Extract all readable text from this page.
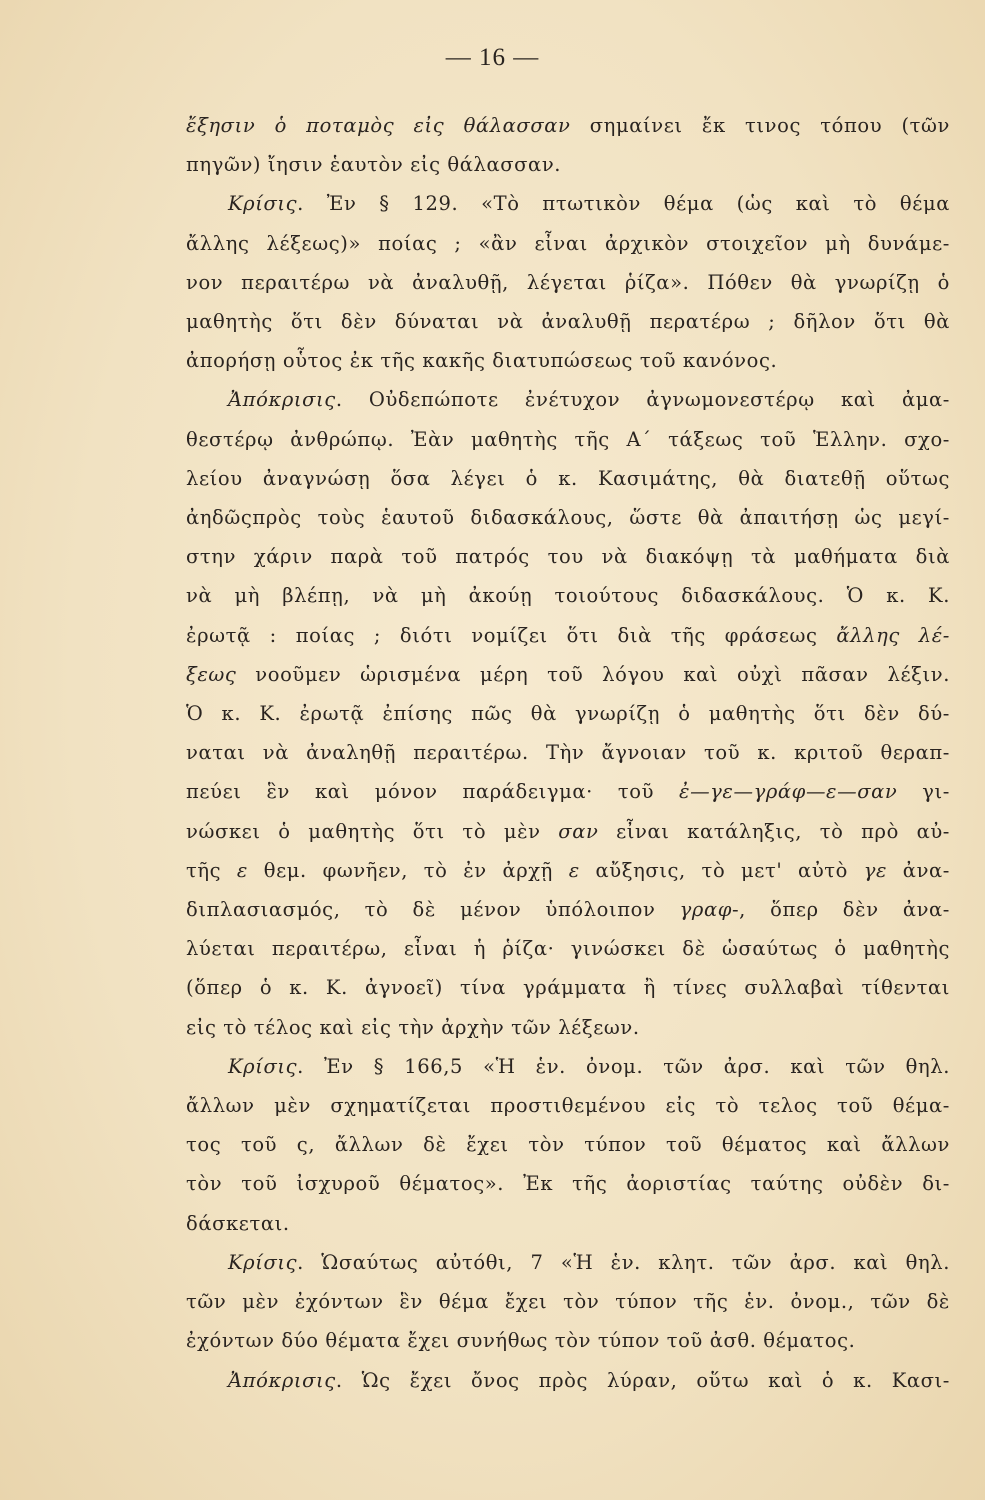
— 16 —
ἔξησιν ὁ ποταμὸς εἰς θάλασσαν σημαίνει ἔκ τινος τόπου (τῶν
πηγῶν) ἴησιν ἑαυτὸν εἰς θάλασσαν.
Κρίσις. Ἐν § 129. «Τὸ πτωτικὸν θέμα (ὡς καὶ τὸ θέμα
ἄλλης λέξεως)» ποίας ; «ἂν εἶναι ἀρχικὸν στοιχεῖον μὴ δυνάμε-
νον περαιτέρω νὰ ἀναλυθῇ, λέγεται ῥίζα». Πόθεν θὰ γνωρίζῃ ὁ
μαθητὴς ὅτι δὲν δύναται νὰ ἀναλυθῇ περατέρω ; δῆλον ὅτι θὰ
ἀπορήσῃ οὗτος ἐκ τῆς κακῆς διατυπώσεως τοῦ κανόνος.
Ἀπόκρισις. Οὐδεπώποτε ἐνέτυχον ἀγνωμονεστέρῳ καὶ ἀμα-
θεστέρῳ ἀνθρώπῳ. Ἐὰν μαθητὴς τῆς Α΄ τάξεως τοῦ Ἑλλην. σχο-
λείου ἀναγνώσῃ ὅσα λέγει ὁ κ. Κασιμάτης, θὰ διατεθῇ οὕτως
ἀηδῶςπρὸς τοὺς ἑαυτοῦ διδασκάλους, ὥστε θὰ ἀπαιτήσῃ ὡς μεγί-
στην χάριν παρὰ τοῦ πατρός του νὰ διακόψῃ τὰ μαθήματα διὰ
νὰ μὴ βλέπῃ, νὰ μὴ ἀκούῃ τοιούτους διδασκάλους. Ὁ κ. Κ.
ἐρωτᾷ : ποίας ; διότι νομίζει ὅτι διὰ τῆς φράσεως ἄλλης λέ-
ξεως νοοῦμεν ὡρισμένα μέρη τοῦ λόγου καὶ οὐχὶ πᾶσαν λέξιν.
Ὁ κ. Κ. ἐρωτᾷ ἐπίσης πῶς θὰ γνωρίζῃ ὁ μαθητὴς ὅτι δὲν δύ-
ναται νὰ ἀναληθῇ περαιτέρω. Τὴν ἄγνοιαν τοῦ κ. κριτοῦ θεραπ-
πεύει ἓν καὶ μόνον παράδειγμα· τοῦ ἐ—γε—γράφ—ε—σαν γι-
νώσκει ὁ μαθητὴς ὅτι τὸ μὲν σαν εἶναι κατάληξις, τὸ πρὸ αὐ-
τῆς ε θεμ. φωνῆεν, τὸ ἐν ἀρχῇ ε αὔξησις, τὸ μετ' αὐτὸ γε ἀνα-
διπλασιασμός, τὸ δὲ μένον ὑπόλοιπον γραφ-, ὅπερ δὲν ἀνα-
λύεται περαιτέρω, εἶναι ἡ ῥίζα· γινώσκει δὲ ὡσαύτως ὁ μαθητὴς
(ὅπερ ὁ κ. Κ. ἀγνοεῖ) τίνα γράμματα ἢ τίνες συλλαβαὶ τίθενται
εἰς τὸ τέλος καὶ εἰς τὴν ἀρχὴν τῶν λέξεων.
Κρίσις. Ἐν § 166,5 «Ἡ ἑν. ὀνομ. τῶν ἀρσ. καὶ τῶν θηλ.
ἄλλων μὲν σχηματίζεται προστιθεμένου εἰς τὸ τελος τοῦ θέμα-
τος τοῦ ς, ἄλλων δὲ ἔχει τὸν τύπον τοῦ θέματος καὶ ἄλλων
τὸν τοῦ ἰσχυροῦ θέματος». Ἐκ τῆς ἀοριστίας ταύτης οὐδὲν δι-
δάσκεται.
Κρίσις. Ὡσαύτως αὐτόθι, 7 «Ἡ ἑν. κλητ. τῶν ἀρσ. καὶ θηλ.
τῶν μὲν ἐχόντων ἓν θέμα ἔχει τὸν τύπον τῆς ἑν. ὀνομ., τῶν δὲ
ἐχόντων δύο θέματα ἔχει συνήθως τὸν τύπον τοῦ ἀσθ. θέματος.
Ἀπόκρισις. Ὡς ἔχει ὄνος πρὸς λύραν, οὕτω καὶ ὁ κ. Κασι-
